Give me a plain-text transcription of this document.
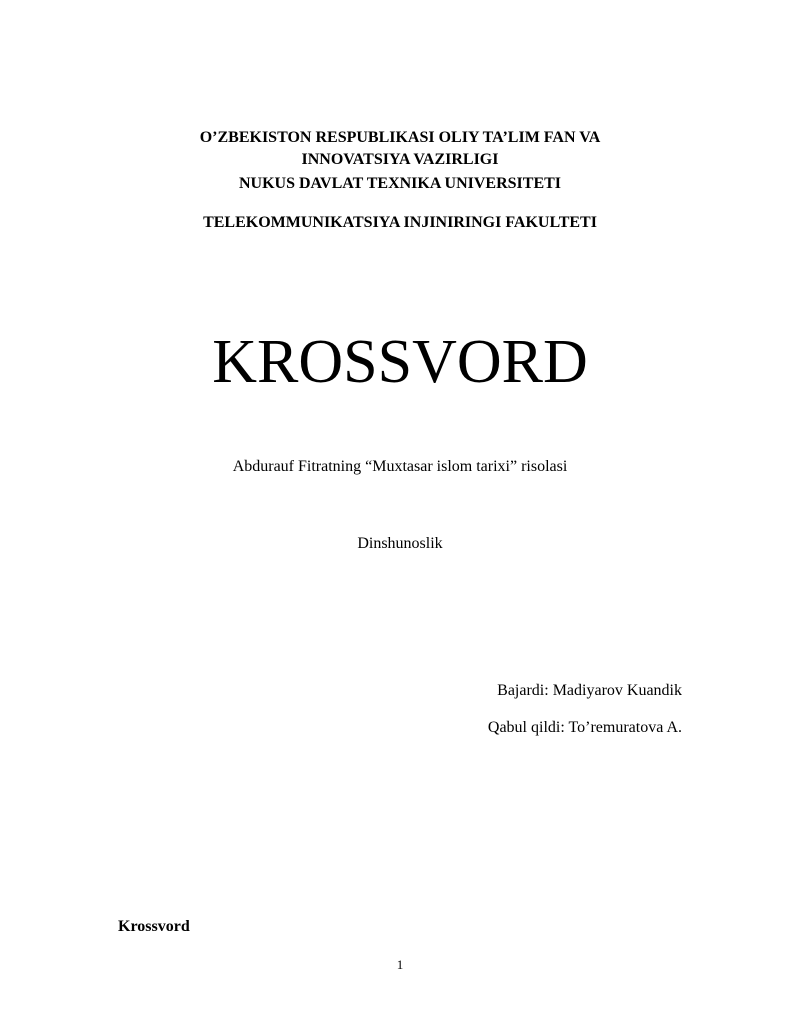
O’ZBEKISTON RESPUBLIKASI OLIY TA’LIM FAN VA
INNOVATSIYA VAZIRLIGI
NUKUS DAVLAT TEXNIKA UNIVERSITETI
TELEKOMMUNIKATSIYA INJINIRINGI FAKULTETI
KROSSVORD
Abdurauf Fitratning “Muxtasar islom tarixi” risolasi
Dinshunoslik
Bajardi: Madiyarov Kuandik
Qabul qildi: To’remuratova A.
Krossvord
1
